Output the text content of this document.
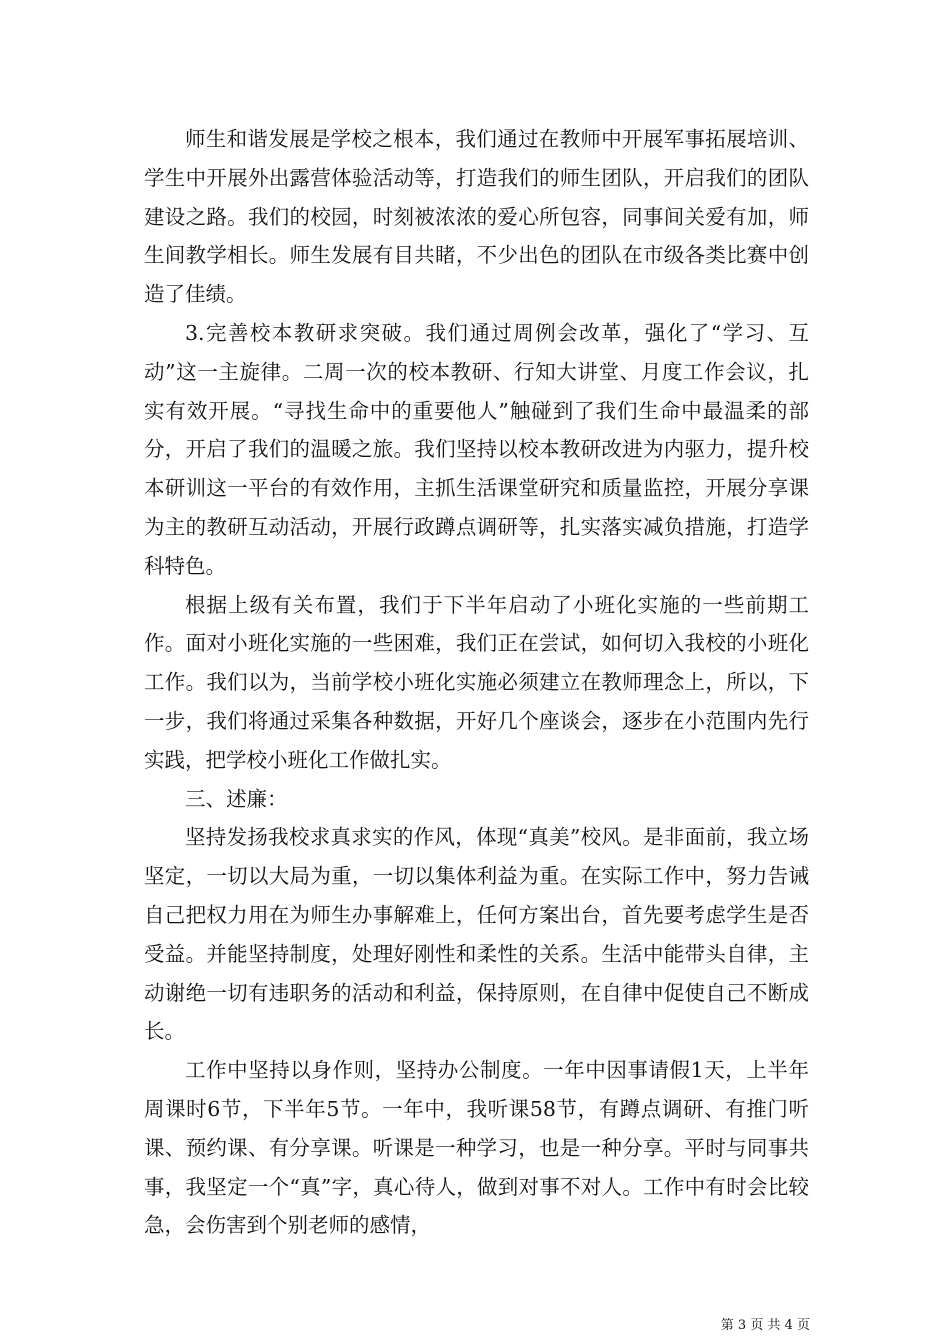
师生和谐发展是学校之根本，我们通过在教师中开展军事拓展培训、学生中开展外出露营体验活动等，打造我们的师生团队，开启我们的团队建设之路。我们的校园，时刻被浓浓的爱心所包容，同事间关爱有加，师生间教学相长。师生发展有目共睹，不少出色的团队在市级各类比赛中创造了佳绩。

3.完善校本教研求突破。我们通过周例会改革，强化了“学习、互动”这一主旋律。二周一次的校本教研、行知大讲堂、月度工作会议，扎实有效开展。“寻找生命中的重要他人”触碰到了我们生命中最温柔的部分，开启了我们的温暖之旅。我们坚持以校本教研改进为内驱力，提升校本研训这一平台的有效作用，主抓生活课堂研究和质量监控，开展分享课为主的教研互动活动，开展行政蹲点调研等，扎实落实减负措施，打造学科特色。

根据上级有关布置，我们于下半年启动了小班化实施的一些前期工作。面对小班化实施的一些困难，我们正在尝试，如何切入我校的小班化工作。我们以为，当前学校小班化实施必须建立在教师理念上，所以，下一步，我们将通过采集各种数据，开好几个座谈会，逐步在小范围内先行实践，把学校小班化工作做扎实。

三、述廉：

坚持发扬我校求真求实的作风，体现“真美”校风。是非面前，我立场坚定，一切以大局为重，一切以集体利益为重。在实际工作中，努力告诫自己把权力用在为师生办事解难上，任何方案出台，首先要考虑学生是否受益。并能坚持制度，处理好刚性和柔性的关系。生活中能带头自律，主动谢绝一切有违职务的活动和利益，保持原则，在自律中促使自己不断成长。

工作中坚持以身作则，坚持办公制度。一年中因事请假1天，上半年周课时6节，下半年5节。一年中，我听课58节，有蹲点调研、有推门听课、预约课、有分享课。听课是一种学习，也是一种分享。平时与同事共事，我坚定一个“真”字，真心待人，做到对事不对人。工作中有时会比较急，会伤害到个别老师的感情，

第 3 页 共 4 页
